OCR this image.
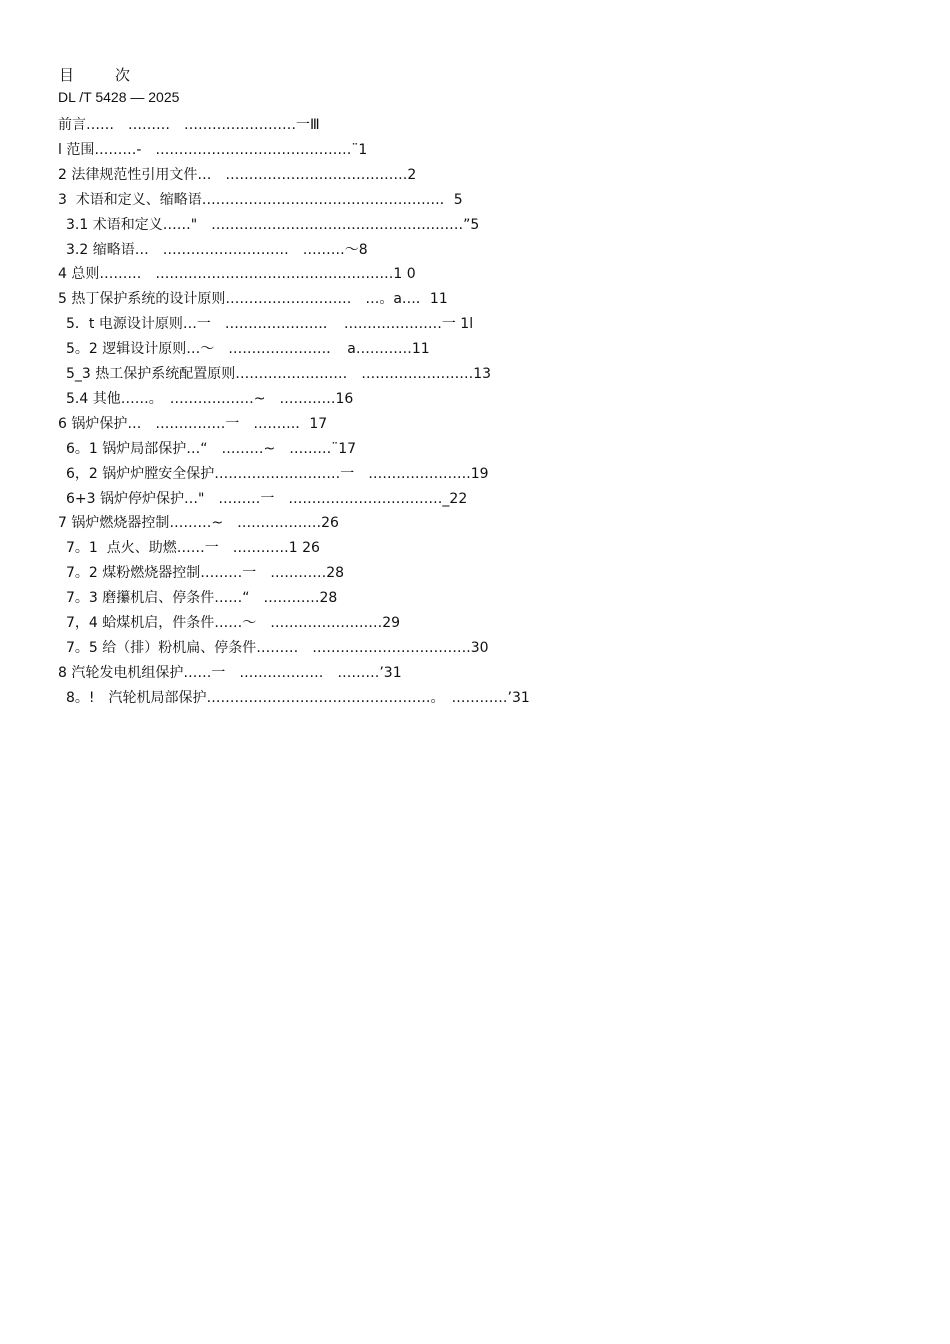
目　次
DL /T 5428 — 2025
前言……　………　……………………一Ⅲ
l 范围………-　……………………………………¨1
2 法律规范性引用文件…　…………………………………2
3  术语和定义、缩略语……………………………………………．5
3.1 术语和定义……"　………………………………………………”5
3.2 缩略语…　………………………　………～8
4 总则………　……………………………………………1 0
5 热丁保护系统的设计原则………………………　…。a…．11
5．t 电源设计原则…一　…………………．　…………………一 1l
5。2 逻辑设计原则…～　…………………．　a…………11
5_3 热工保护系统配置原则……………………　……………………13
5.4 其他……。　………………~　…………16
6 锅炉保护…　……………一　………．17
6。1 锅炉局部保护…“　………~　………¨17
6，2 锅炉炉膛安全保护………………………一　………………….19
6+3 锅炉停炉保护…"　………一　……………………………_22
7 锅炉燃烧器控制………~　………………26
7。1  点火、助燃……一　…………1 26
7。2 煤粉燃烧器控制………一　…………28
7。3 磨攥机启、停条件……“　…………28
7，4 蛤煤机启，件条件……～　……………………29
7。5 给（排）粉机扁、停条件………　…………………………….30
8 汽轮发电机组保护……一　………………　………’31
8。!　汽轮机局部保护…………………………………………。　…………’31
